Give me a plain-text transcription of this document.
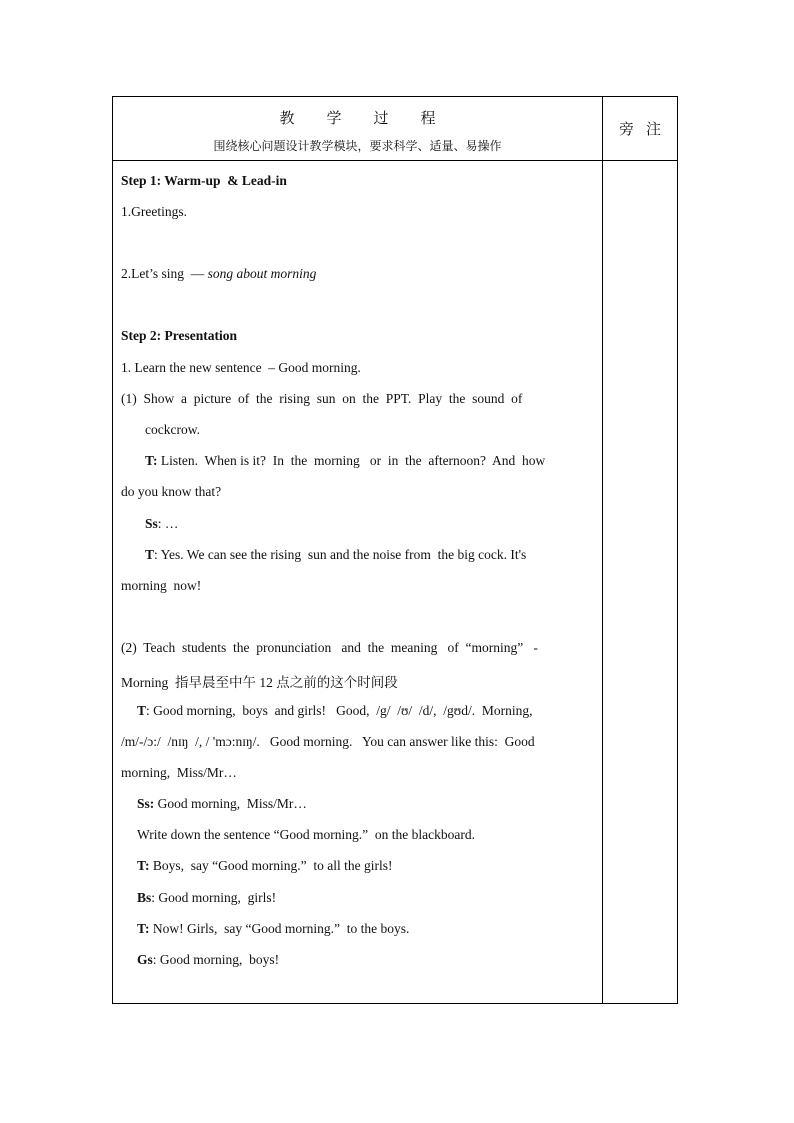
教 学 过 程
围绕核心问题设计教学模块，要求科学、适量、易操作
旁 注
Step 1: Warm-up  & Lead-in
1.Greetings.
2.Let’s sing  — song about morning
Step 2: Presentation
1. Learn the new sentence  – Good morning.
(1)  Show  a  picture  of  the  rising  sun  on  the  PPT.  Play  the  sound  of
cockcrow.
T: Listen.  When is it?  In  the  morning   or  in  the  afternoon?  And  how
do you know that?
Ss: …
T: Yes. We can see the rising  sun and the noise from  the big cock. It's
morning  now!
(2)  Teach  students  the  pronunciation   and  the  meaning   of  “morning”   -
Morning  指早晨至中午 12 点之前的这个时间段
T: Good morning,  boys  and girls!   Good,  /g/  /ʊ/  /d/,  /gʊd/.  Morning,
/m/-/ɔ:/  /nɪŋ  /, / 'mɔ:nɪŋ/.   Good morning.   You can answer like this:  Good
morning,  Miss/Mr…
Ss: Good morning,  Miss/Mr…
Write down the sentence “Good morning.”  on the blackboard.
T: Boys,  say “Good morning.”  to all the girls!
Bs: Good morning,  girls!
T: Now! Girls,  say “Good morning.”  to the boys.
Gs: Good morning,  boys!
